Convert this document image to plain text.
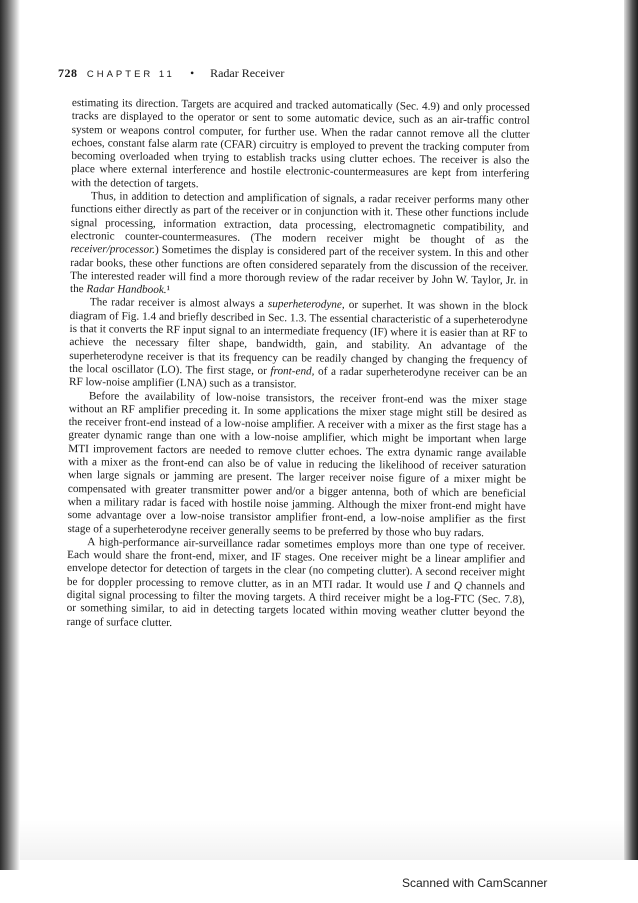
728 CHAPTER 11 • Radar Receiver

estimating its direction. Targets are acquired and tracked automatically (Sec. 4.9) and only processed tracks are displayed to the operator or sent to some automatic device, such as an air-traffic control system or weapons control computer, for further use. When the radar cannot remove all the clutter echoes, constant false alarm rate (CFAR) circuitry is employed to prevent the tracking computer from becoming overloaded when trying to establish tracks using clutter echoes. The receiver is also the place where external interference and hostile electronic-countermeasures are kept from interfering with the detection of targets.

Thus, in addition to detection and amplification of signals, a radar receiver performs many other functions either directly as part of the receiver or in conjunction with it. These other functions include signal processing, information extraction, data processing, electromagnetic compatibility, and electronic counter-countermeasures. (The modern receiver might be thought of as the receiver/processor.) Sometimes the display is considered part of the receiver system. In this and other radar books, these other functions are often considered separately from the discussion of the receiver. The interested reader will find a more thorough review of the radar receiver by John W. Taylor, Jr. in the Radar Handbook.¹

The radar receiver is almost always a superheterodyne, or superhet. It was shown in the block diagram of Fig. 1.4 and briefly described in Sec. 1.3. The essential characteristic of a superheterodyne is that it converts the RF input signal to an intermediate frequency (IF) where it is easier than at RF to achieve the necessary filter shape, bandwidth, gain, and stability. An advantage of the superheterodyne receiver is that its frequency can be readily changed by changing the frequency of the local oscillator (LO). The first stage, or front-end, of a radar superheterodyne receiver can be an RF low-noise amplifier (LNA) such as a transistor.

Before the availability of low-noise transistors, the receiver front-end was the mixer stage without an RF amplifier preceding it. In some applications the mixer stage might still be desired as the receiver front-end instead of a low-noise amplifier. A receiver with a mixer as the first stage has a greater dynamic range than one with a low-noise amplifier, which might be important when large MTI improvement factors are needed to remove clutter echoes. The extra dynamic range available with a mixer as the front-end can also be of value in reducing the likelihood of receiver saturation when large signals or jamming are present. The larger receiver noise figure of a mixer might be compensated with greater transmitter power and/or a bigger antenna, both of which are beneficial when a military radar is faced with hostile noise jamming. Although the mixer front-end might have some advantage over a low-noise transistor amplifier front-end, a low-noise amplifier as the first stage of a superheterodyne receiver generally seems to be preferred by those who buy radars.

A high-performance air-surveillance radar sometimes employs more than one type of receiver. Each would share the front-end, mixer, and IF stages. One receiver might be a linear amplifier and envelope detector for detection of targets in the clear (no competing clutter). A second receiver might be for doppler processing to remove clutter, as in an MTI radar. It would use I and Q channels and digital signal processing to filter the moving targets. A third receiver might be a log-FTC (Sec. 7.8), or something similar, to aid in detecting targets located within moving weather clutter beyond the range of surface clutter.

Scanned with CamScanner
